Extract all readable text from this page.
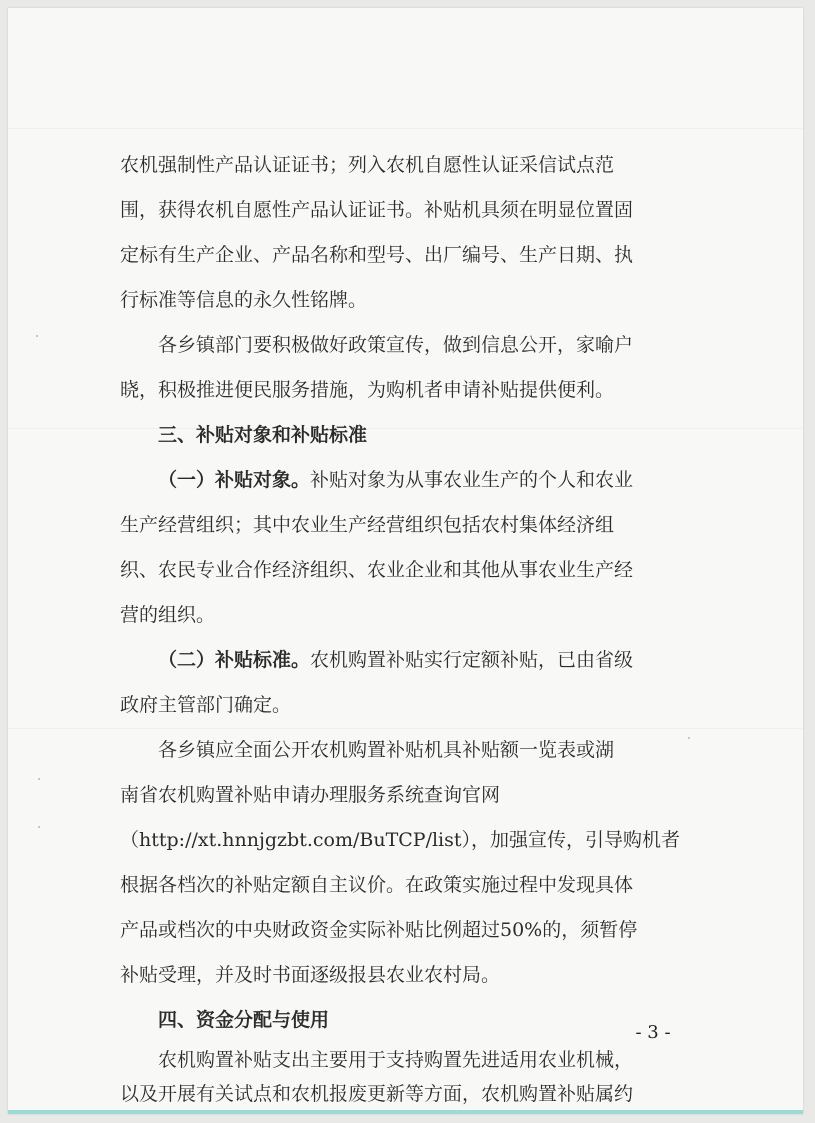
农机强制性产品认证证书；列入农机自愿性认证采信试点范
围，获得农机自愿性产品认证证书。补贴机具须在明显位置固
定标有生产企业、产品名称和型号、出厂编号、生产日期、执
行标准等信息的永久性铭牌。
各乡镇部门要积极做好政策宣传，做到信息公开，家喻户
晓，积极推进便民服务措施，为购机者申请补贴提供便利。
三、补贴对象和补贴标准
（一）补贴对象。补贴对象为从事农业生产的个人和农业
生产经营组织；其中农业生产经营组织包括农村集体经济组
织、农民专业合作经济组织、农业企业和其他从事农业生产经
营的组织。
（二）补贴标准。农机购置补贴实行定额补贴，已由省级
政府主管部门确定。
各乡镇应全面公开农机购置补贴机具补贴额一览表或湖
南省农机购置补贴申请办理服务系统查询官网
（http://xt.hnnjgzbt.com/BuTCP/list），加强宣传，引导购机者
根据各档次的补贴定额自主议价。在政策实施过程中发现具体
产品或档次的中央财政资金实际补贴比例超过50%的，须暂停
补贴受理，并及时书面逐级报县农业农村局。
四、资金分配与使用
农机购置补贴支出主要用于支持购置先进适用农业机械，
以及开展有关试点和农机报废更新等方面，农机购置补贴属约
- 3 -
